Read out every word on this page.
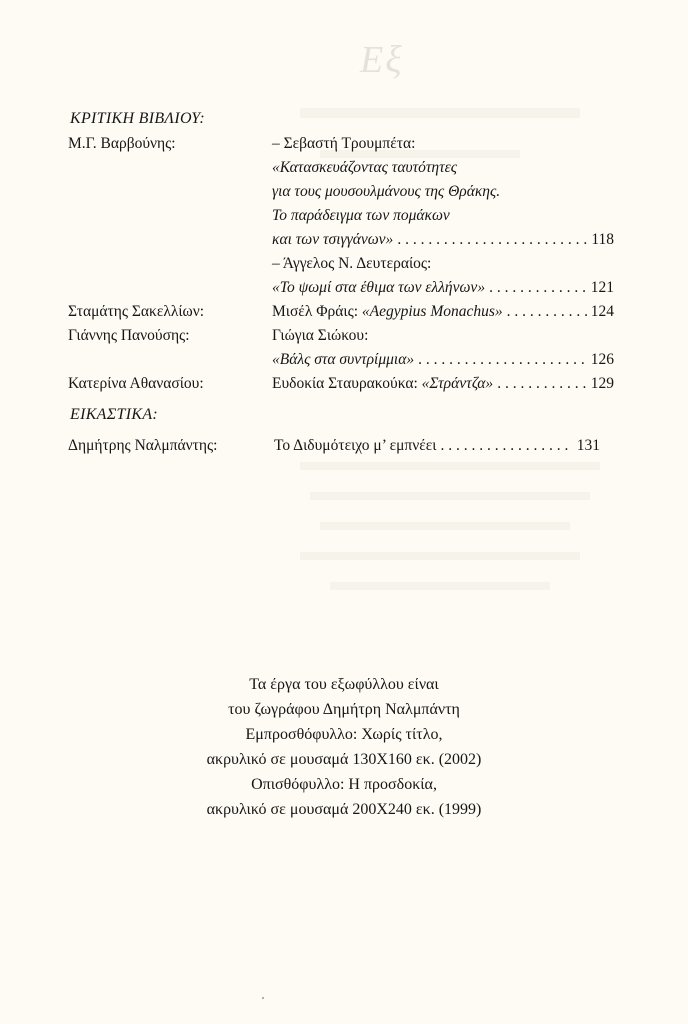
Εξ
ΚΡΙΤΙΚΗ ΒΙΒΛΙΟΥ:
Μ.Γ. Βαρβούνης:	– Σεβαστή Τρουμπέτα:
«Κατασκευάζοντας ταυτότητες
για τους μουσουλμάνους της Θράκης.
Το παράδειγμα των πομάκων
και των τσιγγάνων» . . .	118
– Άγγελος Ν. Δευτεραίος:
«Το ψωμί στα έθιμα των ελλήνων» . . .	121
Σταμάτης Σακελλίων:	Μισέλ Φράις: «Aegypius Monachus» . . .	124
Γιάννης Πανούσης:	Γιώγια Σιώκου:
«Βάλς στα συντρίμμια» . . .	126
Κατερίνα Αθανασίου:	Ευδοκία Σταυρακούκα: «Στράντζα» . . .	129
ΕΙΚΑΣΤΙΚΑ:
Δημήτρης Ναλμπάντης:	Το Διδυμότειχο μ’ εμπνέει . . .	131
Τα έργα του εξωφύλλου είναι
του ζωγράφου Δημήτρη Ναλμπάντη
Εμπροσθόφυλλο: Χωρίς τίτλο,
ακρυλικό σε μουσαμά 130Χ160 εκ. (2002)
Οπισθόφυλλο: Η προσδοκία,
ακρυλικό σε μουσαμά 200Χ240 εκ. (1999)
